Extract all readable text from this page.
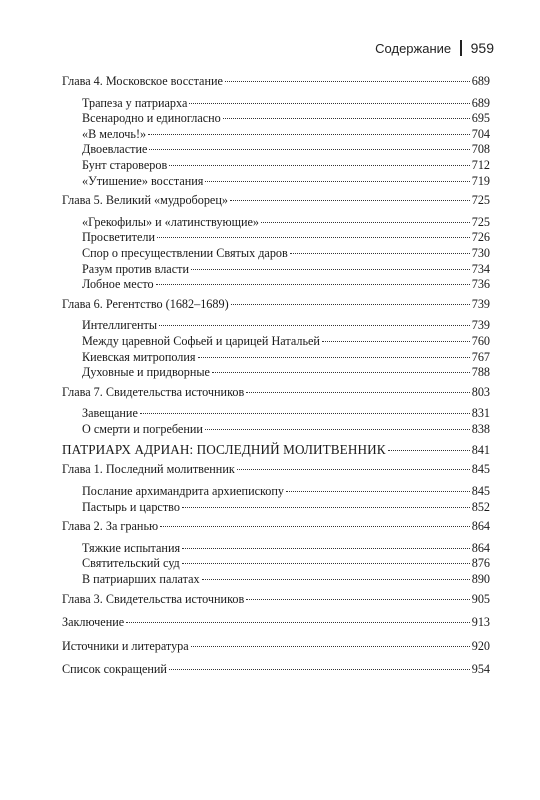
Содержание 959
Глава 4. Московское восстание	689
Трапеза у патриарха	689
Всенародно и единогласно	695
«В мелочь!»	704
Двоевластие	708
Бунт староверов	712
«Утишение» восстания	719
Глава 5. Великий «мудроборец»	725
«Грекофилы» и «латинствующие»	725
Просветители	726
Спор о пресуществлении Святых даров	730
Разум против власти	734
Лобное место	736
Глава 6. Регентство (1682–1689)	739
Интеллигенты	739
Между царевной Софьей и царицей Натальей	760
Киевская митрополия	767
Духовные и придворные	788
Глава 7. Свидетельства источников	803
Завещание	831
О смерти и погребении	838
ПАТРИАРХ АДРИАН: ПОСЛЕДНИЙ МОЛИТВЕННИК	841
Глава 1. Последний молитвенник	845
Послание архимандрита архиепископу	845
Пастырь и царство	852
Глава 2. За гранью	864
Тяжкие испытания	864
Святительский суд	876
В патриарших палатах	890
Глава 3. Свидетельства источников	905
Заключение	913
Источники и литература	920
Список сокращений	954
